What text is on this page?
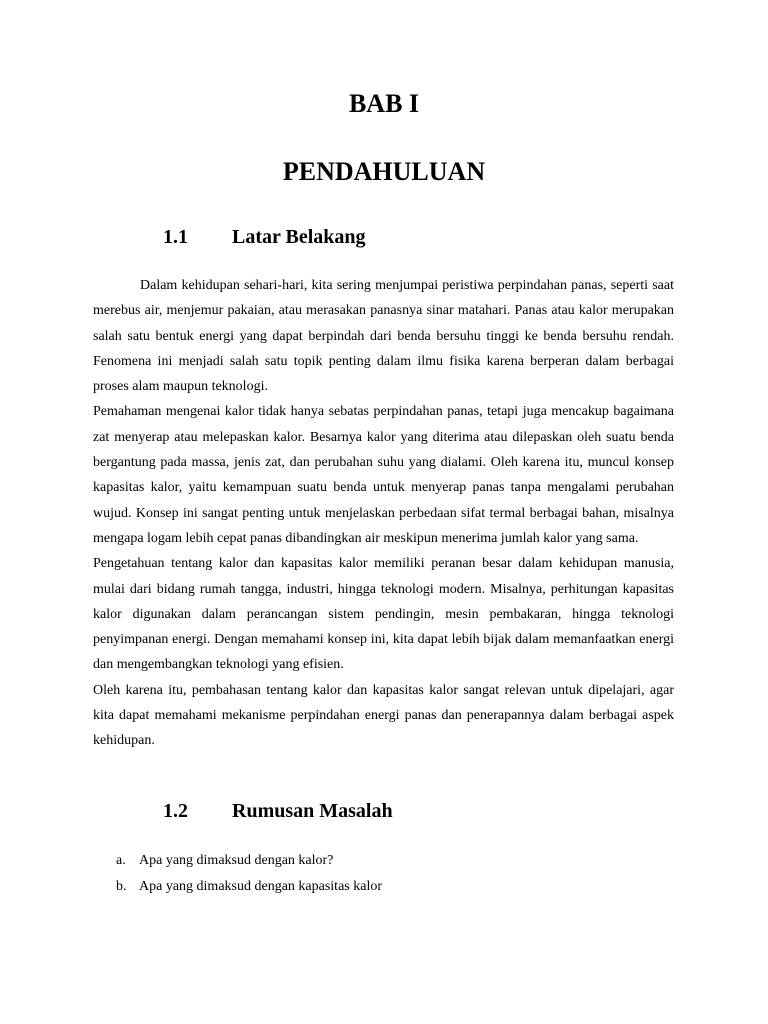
BAB I
PENDAHULUAN
1.1 Latar Belakang

Dalam kehidupan sehari-hari, kita sering menjumpai peristiwa perpindahan panas, seperti saat merebus air, menjemur pakaian, atau merasakan panasnya sinar matahari. Panas atau kalor merupakan salah satu bentuk energi yang dapat berpindah dari benda bersuhu tinggi ke benda bersuhu rendah. Fenomena ini menjadi salah satu topik penting dalam ilmu fisika karena berperan dalam berbagai proses alam maupun teknologi.

Pemahaman mengenai kalor tidak hanya sebatas perpindahan panas, tetapi juga mencakup bagaimana zat menyerap atau melepaskan kalor. Besarnya kalor yang diterima atau dilepaskan oleh suatu benda bergantung pada massa, jenis zat, dan perubahan suhu yang dialami. Oleh karena itu, muncul konsep kapasitas kalor, yaitu kemampuan suatu benda untuk menyerap panas tanpa mengalami perubahan wujud. Konsep ini sangat penting untuk menjelaskan perbedaan sifat termal berbagai bahan, misalnya mengapa logam lebih cepat panas dibandingkan air meskipun menerima jumlah kalor yang sama.

Pengetahuan tentang kalor dan kapasitas kalor memiliki peranan besar dalam kehidupan manusia, mulai dari bidang rumah tangga, industri, hingga teknologi modern. Misalnya, perhitungan kapasitas kalor digunakan dalam perancangan sistem pendingin, mesin pembakaran, hingga teknologi penyimpanan energi. Dengan memahami konsep ini, kita dapat lebih bijak dalam memanfaatkan energi dan mengembangkan teknologi yang efisien.

Oleh karena itu, pembahasan tentang kalor dan kapasitas kalor sangat relevan untuk dipelajari, agar kita dapat memahami mekanisme perpindahan energi panas dan penerapannya dalam berbagai aspek kehidupan.

1.2 Rumusan Masalah
a. Apa yang dimaksud dengan kalor?
b. Apa yang dimaksud dengan kapasitas kalor
